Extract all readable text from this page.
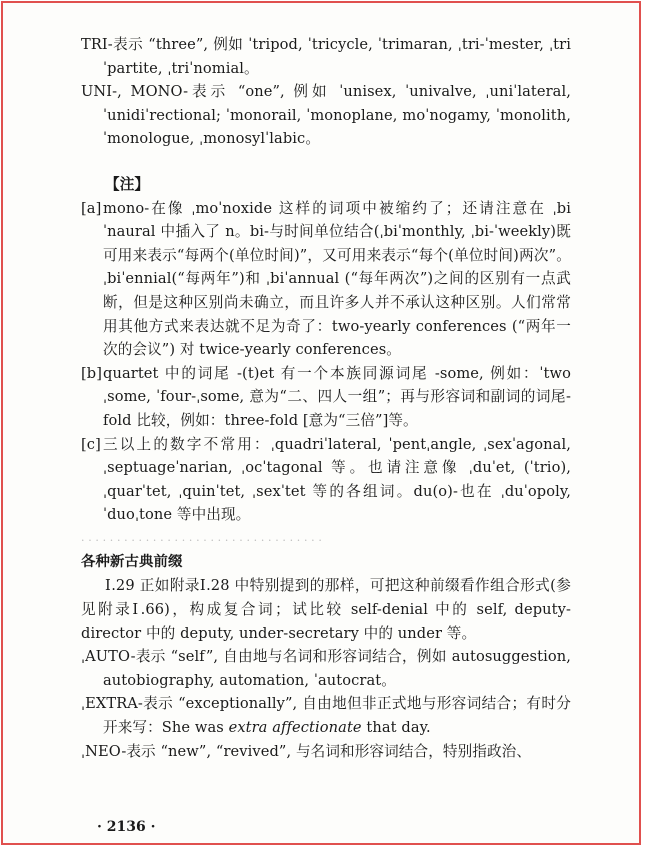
TRI-表示 “three”, 例如 ˈtripod, ˈtricycle, ˈtrimaran, ˌtri-ˈmester, ˌtriˈpartite, ˌtriˈnomial。

UNI-, MONO-表示 “one”, 例如 ˈunisex, ˈunivalve, ˌuniˈlateral, ˈunidiˈrectional; ˈmonorail, ˈmonoplane, moˈnogamy, ˈmonolith, ˈmonologue, ˌmonosylˈlabic。

【注】

[a] mono-在像 ˌmoˈnoxide 这样的词项中被缩约了；还请注意在 ˌbiˈnaural 中插入了 n。bi-与时间单位结合(ˌbiˈmonthly, ˌbi-ˈweekly)既可用来表示“每两个(单位时间)”，又可用来表示“每个(单位时间)两次”。ˌbiˈennial(“每两年”)和 ˌbiˈannual (“每年两次”)之间的区别有一点武断，但是这种区别尚未确立，而且许多人并不承认这种区别。人们常常用其他方式来表达就不足为奇了：two-yearly conferences (“两年一次的会议”) 对 twice-yearly conferences。
[b] quartet 中的词尾 -(t)et 有一个本族同源词尾 -some, 例如：ˈtwoˌsome, ˈfour-ˌsome, 意为“二、四人一组”；再与形容词和副词的词尾-fold 比较，例如：three-fold [意为“三倍”]等。
[c] 三以上的数字不常用：ˌquadriˈlateral, ˈpentˌangle, ˌsexˈagonal, ˌseptuageˈnarian, ˌocˈtagonal 等。也请注意像 ˌduˈet, (ˈtrio), ˌquarˈtet, ˌquinˈtet, ˌsexˈtet 等的各组词。du(o)-也在 ˌduˈopoly, ˈduoˌtone 等中出现。

· · · · · · · · · · · · · · · · · · · · · · · · · · · · · · · · · ·

各种新古典前缀

Ⅰ.29 正如附录Ⅰ.28 中特别提到的那样，可把这种前缀看作组合形式(参见附录Ⅰ.66)，构成复合词；试比较 self-denial 中的 self, deputy-director 中的 deputy, under-secretary 中的 under 等。

ˌAUTO-表示 “self”, 自由地与名词和形容词结合，例如 autosuggestion, autobiography, automation, ˈautocrat。

ˌEXTRA-表示 “exceptionally”, 自由地但非正式地与形容词结合；有时分开来写：She was extra affectionate that day.

ˌNEO-表示 “new”, “revived”, 与名词和形容词结合，特别指政治、

· 2136 ·
